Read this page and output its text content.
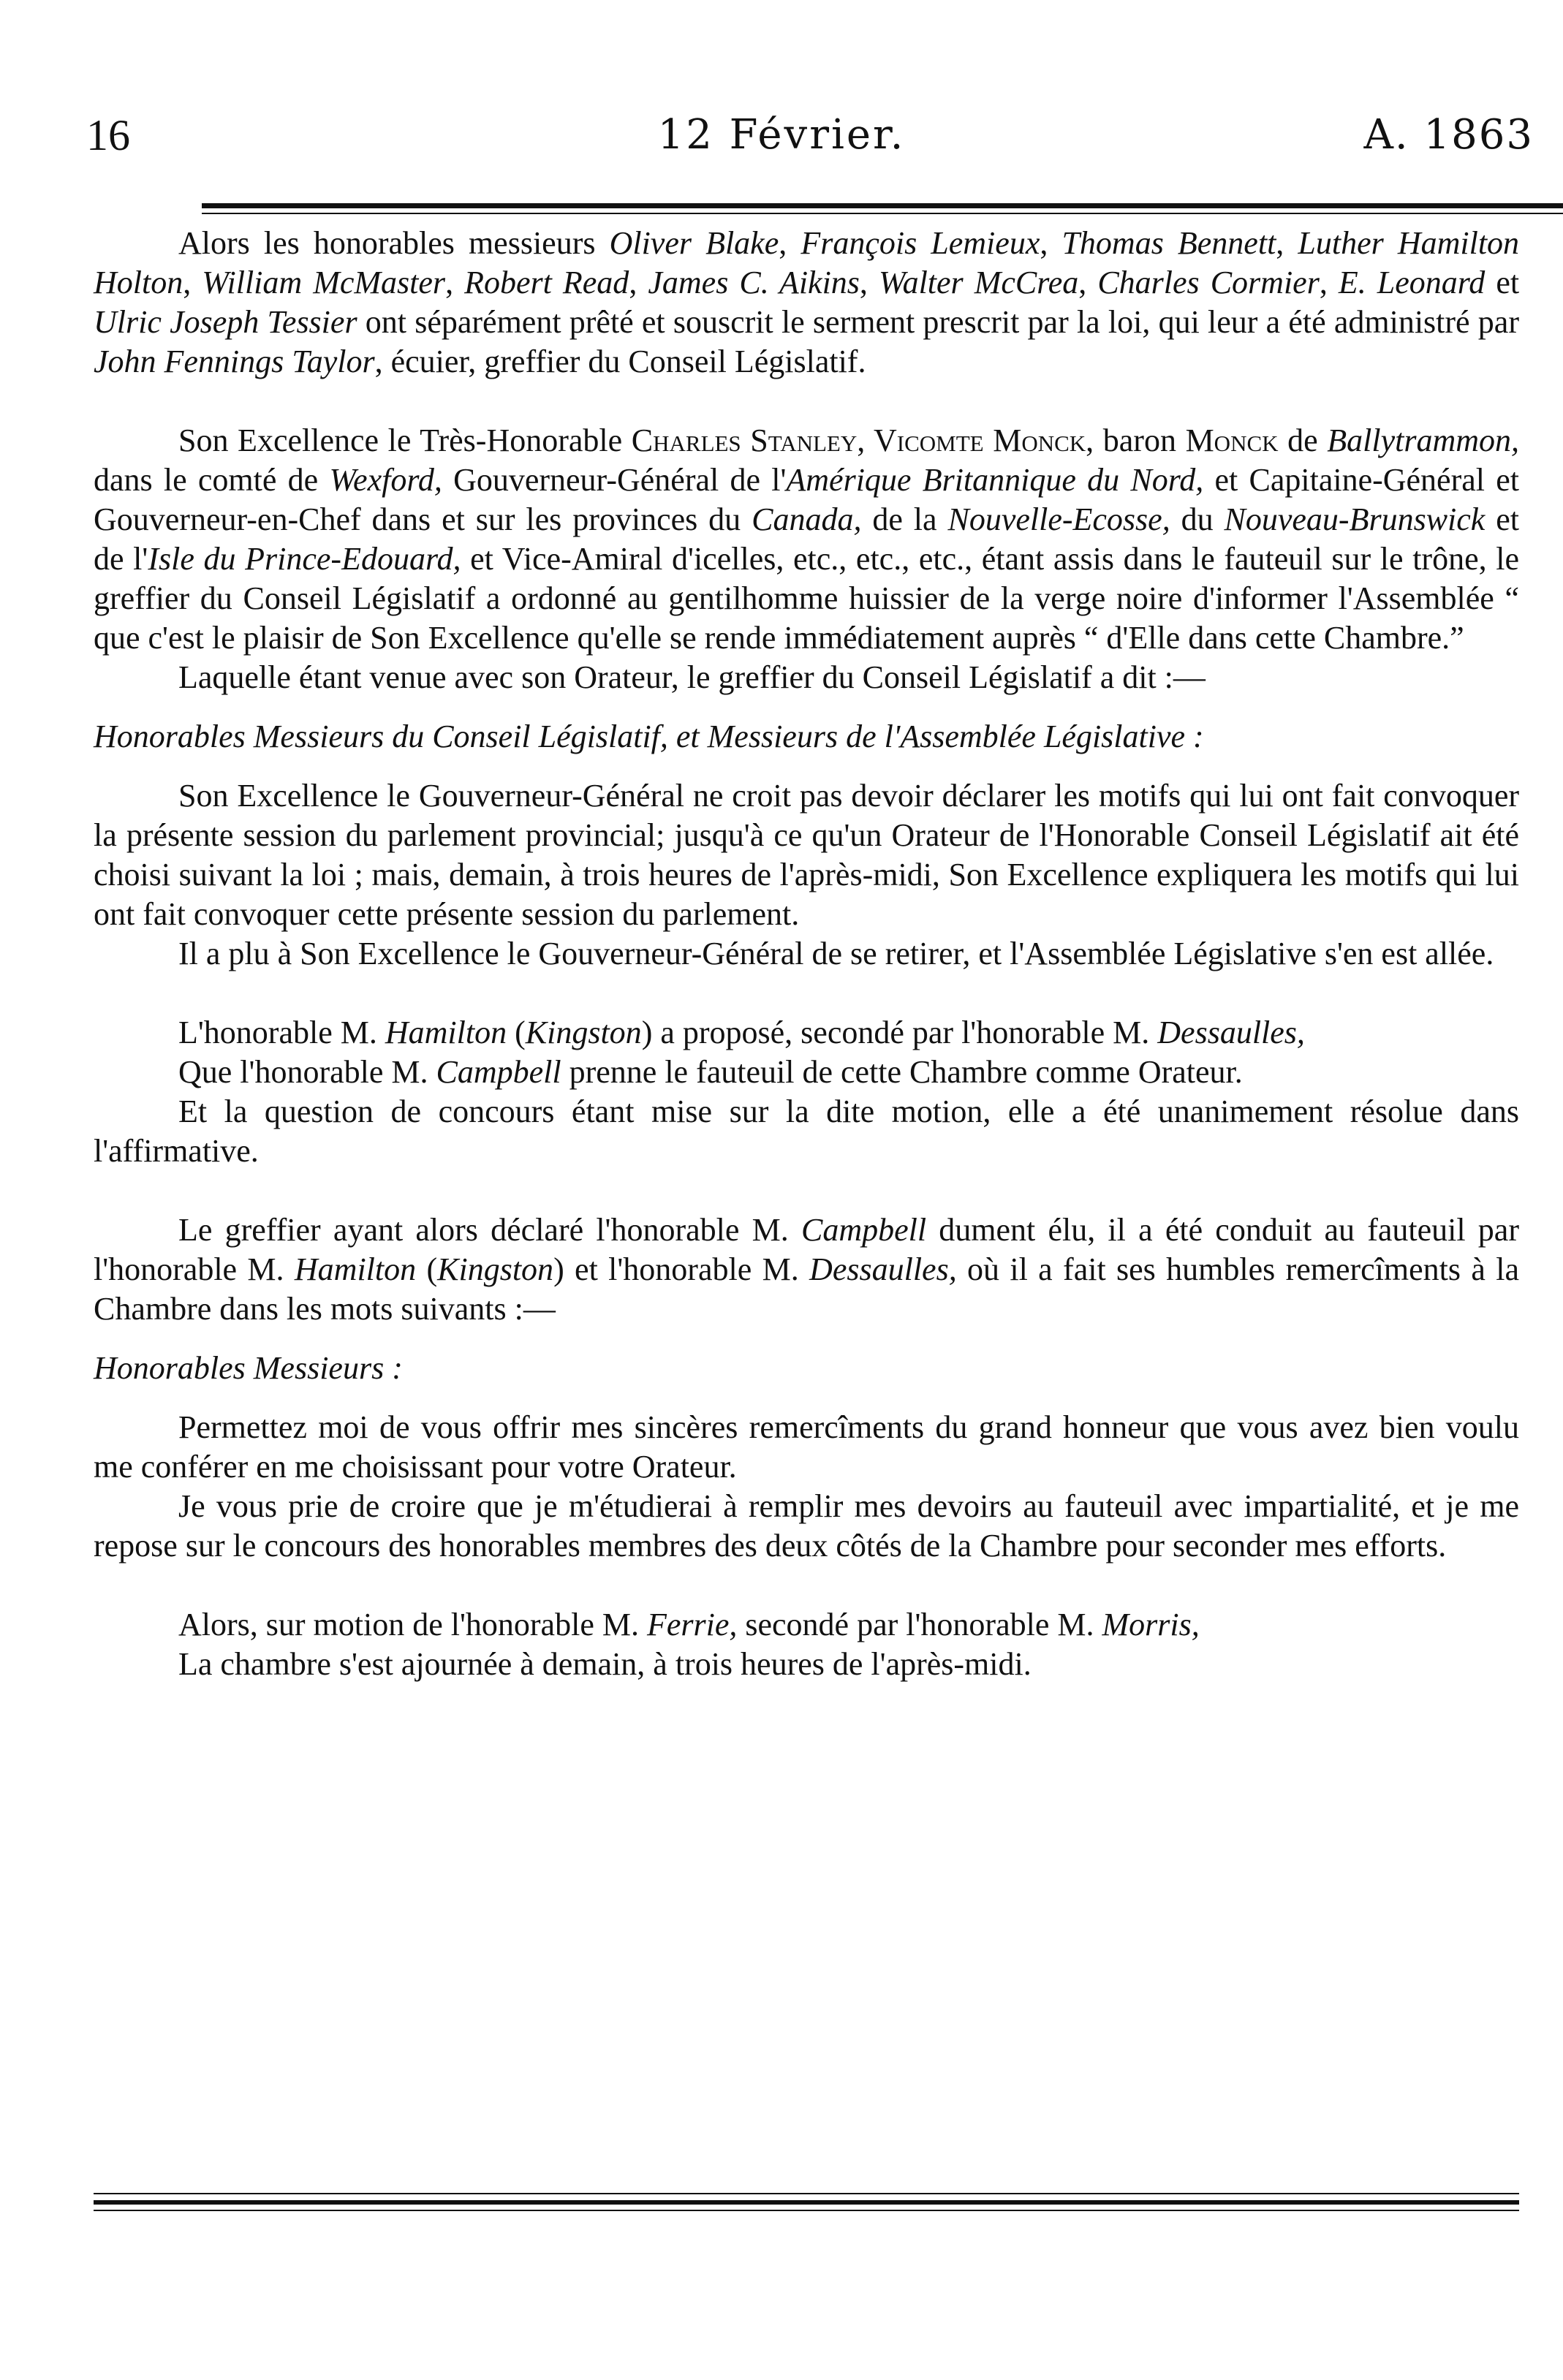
16	12 Février.	A. 1863

Alors les honorables messieurs Oliver Blake, François Lemieux, Thomas Bennett, Luther Hamilton Holton, William McMaster, Robert Read, James C. Aikins, Walter McCrea, Charles Cormier, E. Leonard et Ulric Joseph Tessier ont séparément prêté et souscrit le serment prescrit par la loi, qui leur a été administré par John Fennings Taylor, écuier, greffier du Conseil Législatif.

Son Excellence le Très-Honorable Charles Stanley, Vicomte Monck, baron Monck de Ballytrammon, dans le comté de Wexford, Gouverneur-Général de l'Amérique Britannique du Nord, et Capitaine-Général et Gouverneur-en-Chef dans et sur les provinces du Canada, de la Nouvelle-Ecosse, du Nouveau-Brunswick et de l'Isle du Prince-Edouard, et Vice-Amiral d'icelles, etc., etc., etc., étant assis dans le fauteuil sur le trône, le greffier du Conseil Législatif a ordonné au gentilhomme huissier de la verge noire d'informer l'Assemblée “ que c'est le plaisir de Son Excellence qu'elle se rende immédiatement auprès “ d'Elle dans cette Chambre.”

Laquelle étant venue avec son Orateur, le greffier du Conseil Législatif a dit :—

Honorables Messieurs du Conseil Législatif, et Messieurs de l'Assemblée Législative :

Son Excellence le Gouverneur-Général ne croit pas devoir déclarer les motifs qui lui ont fait convoquer la présente session du parlement provincial; jusqu'à ce qu'un Orateur de l'Honorable Conseil Législatif ait été choisi suivant la loi ; mais, demain, à trois heures de l'après-midi, Son Excellence expliquera les motifs qui lui ont fait convoquer cette présente session du parlement.

Il a plu à Son Excellence le Gouverneur-Général de se retirer, et l'Assemblée Législative s'en est allée.

L'honorable M. Hamilton (Kingston) a proposé, secondé par l'honorable M. Dessaulles,

Que l'honorable M. Campbell prenne le fauteuil de cette Chambre comme Orateur.

Et la question de concours étant mise sur la dite motion, elle a été unanimement résolue dans l'affirmative.

Le greffier ayant alors déclaré l'honorable M. Campbell dument élu, il a été conduit au fauteuil par l'honorable M. Hamilton (Kingston) et l'honorable M. Dessaulles, où il a fait ses humbles remercîments à la Chambre dans les mots suivants :—

Honorables Messieurs :

Permettez moi de vous offrir mes sincères remercîments du grand honneur que vous avez bien voulu me conférer en me choisissant pour votre Orateur.

Je vous prie de croire que je m'étudierai à remplir mes devoirs au fauteuil avec impartialité, et je me repose sur le concours des honorables membres des deux côtés de la Chambre pour seconder mes efforts.

Alors, sur motion de l'honorable M. Ferrie, secondé par l'honorable M. Morris,

La chambre s'est ajournée à demain, à trois heures de l'après-midi.
